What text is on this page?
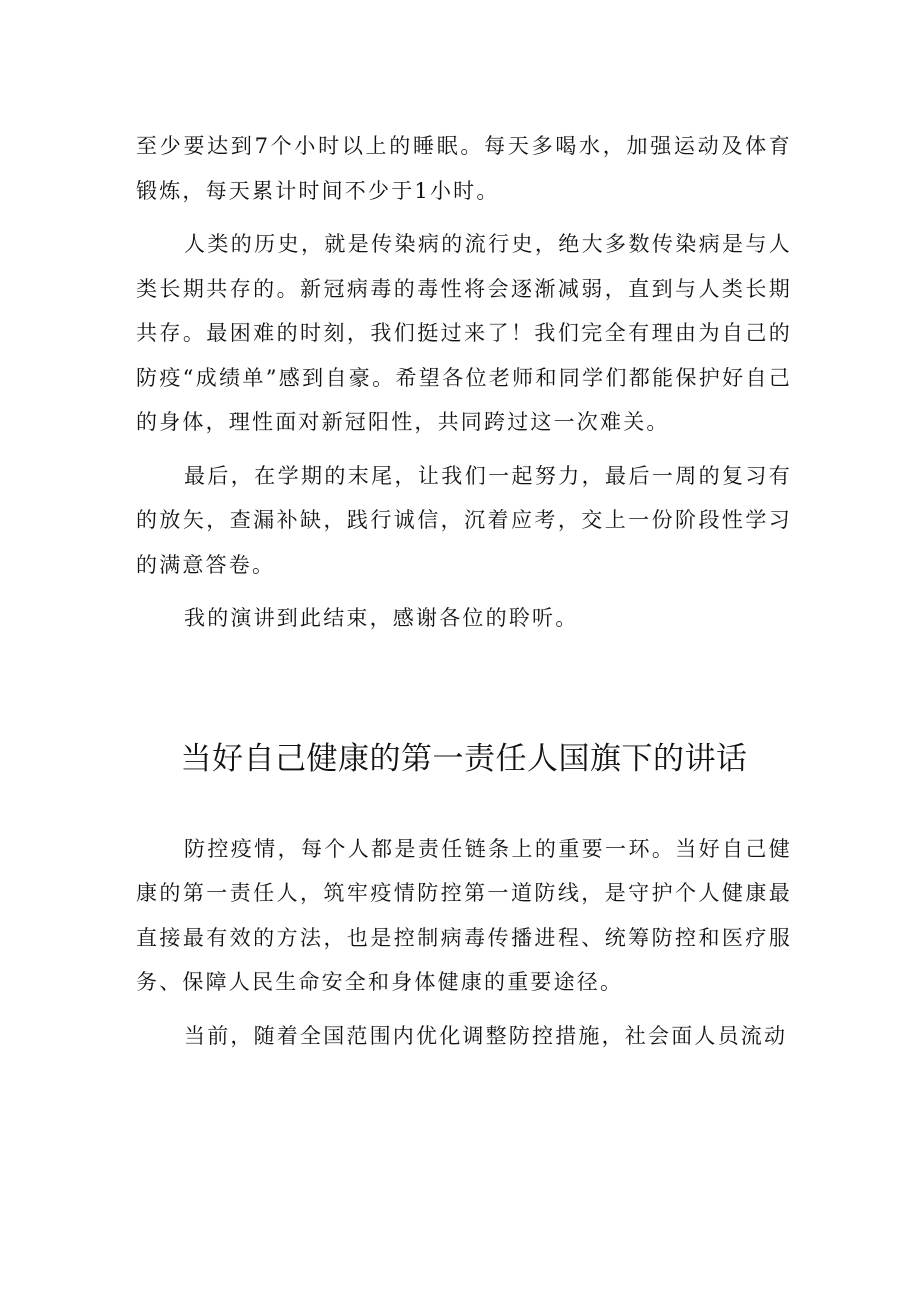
至少要达到7个小时以上的睡眠。每天多喝水，加强运动及体育锻炼，每天累计时间不少于1小时。

人类的历史，就是传染病的流行史，绝大多数传染病是与人类长期共存的。新冠病毒的毒性将会逐渐减弱，直到与人类长期共存。最困难的时刻，我们挺过来了！我们完全有理由为自己的防疫“成绩单”感到自豪。希望各位老师和同学们都能保护好自己的身体，理性面对新冠阳性，共同跨过这一次难关。

最后，在学期的末尾，让我们一起努力，最后一周的复习有的放矢，查漏补缺，践行诚信，沉着应考，交上一份阶段性学习的满意答卷。

我的演讲到此结束，感谢各位的聆听。

当好自己健康的第一责任人国旗下的讲话

防控疫情，每个人都是责任链条上的重要一环。当好自己健康的第一责任人，筑牢疫情防控第一道防线，是守护个人健康最直接最有效的方法，也是控制病毒传播进程、统筹防控和医疗服务、保障人民生命安全和身体健康的重要途径。

当前，随着全国范围内优化调整防控措施，社会面人员流动
